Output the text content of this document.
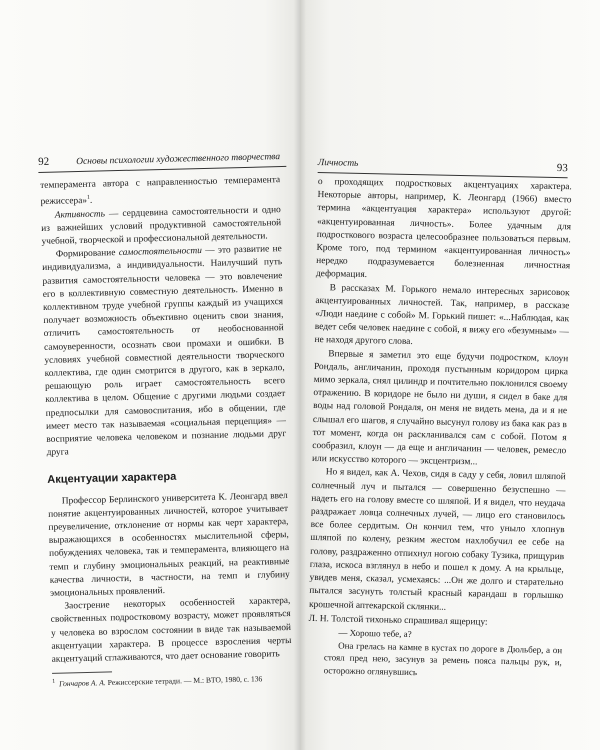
92	Основы психологии художественного творчества

темперамента автора с направленностью темперамента режиссера»$^1$.

Активность — сердцевина самостоятельности и одно из важнейших условий продуктивной самостоятельной учебной, творческой и профессиональной деятельности.

Формирование самостоятельности — это развитие не индивидуализма, а индивидуальности. Наилучший путь развития самостоятельности человека — это вовлечение его в коллективную совместную деятельность. Именно в коллективном труде учебной группы каждый из учащихся получает возможность объективно оценить свои знания, отличить самостоятельность от необоснованной самоуверенности, осознать свои промахи и ошибки. В условиях учебной совместной деятельности творческого коллектива, где один смотрится в другого, как в зеркало, решающую роль играет самостоятельность всего коллектива в целом. Общение с другими людьми создает предпосылки для самовоспитания, ибо в общении, где имеет место так называемая «социальная перцепция» — восприятие человека человеком и познание людьми друг друга

Акцентуации характера

Профессор Берлинского университета К. Леонгард ввел понятие акцентуированных личностей, которое учитывает преувеличение, отклонение от нормы как черт характера, выражающихся в особенностях мыслительной сферы, побуждениях человека, так и темперамента, влияющего на темп и глубину эмоциональных реакций, на реактивные качества личности, в частности, на темп и глубину эмоциональных проявлений.

Заострение некоторых особенностей характера, свойственных подростковому возрасту, может проявляться у человека во взрослом состоянии в виде так называемой акцентуации характера. В процессе взросления черты акцентуаций сглаживаются, что дает основание говорить

$^1$ Гончаров А. А. Режиссерские тетради. — М.: ВТО, 1980, с. 136

Личность	93

о проходящих подростковых акцентуациях характера. Некоторые авторы, например, К. Леонгард (1966) вместо термина «акцентуация характера» используют другой: «акцентуированная личность». Более удачным для подросткового возраста целесообразнее пользоваться первым. Кроме того, под термином «акцентуированная личность» нередко подразумевается болезненная личностная деформация.

В рассказах М. Горького немало интересных зарисовок акцентуированных личностей. Так, например, в рассказе «Люди наедине с собой» М. Горький пишет: «...Наблюдая, как ведет себя человек наедине с собой, я вижу его «безумным» — не находя другого слова.

Впервые я заметил это еще будучи подростком, клоун Рондаль, англичанин, проходя пустынным коридором цирка мимо зеркала, снял цилиндр и почтительно поклонился своему отражению. В коридоре не было ни души, я сидел в баке для воды над головой Рондаля, он меня не видеть мена, да и я не слышал его шагов, я случайно высунул голову из бака как раз в тот момент, когда он раскланивался сам с собой. Потом я сообразил, клоун — да еще и англичанин — человек, ремесло или искусство которого — эксцентризм...

Но я видел, как А. Чехов, сидя в саду у себя, ловил шляпой солнечный луч и пытался — совершенно безуспешно — надеть его на голову вместе со шляпой. И я видел, что неудача раздражает ловца солнечных лучей, — лицо его становилось все более сердитым. Он кончил тем, что уныло хлопнув шляпой по колену, резким жестом нахлобучил ее себе на голову, раздраженно отпихнул ногою собаку Тузика, прищурив глаза, искоса взглянул в небо и пошел к дому. А на крыльце, увидев меня, сказал, усмехаясь: ...Он же долго и старательно пытался засунуть толстый красный карандаш в горлышко крошечной аптекарской склянки...

Л. Н. Толстой тихонько спрашивал ящерицу:

— Хорошо тебе, а?

Она грелась на камне в кустах по дороге в Дюльбер, а он стоял пред нею, засунув за ремень пояса пальцы рук, и, осторожно оглянувшись
